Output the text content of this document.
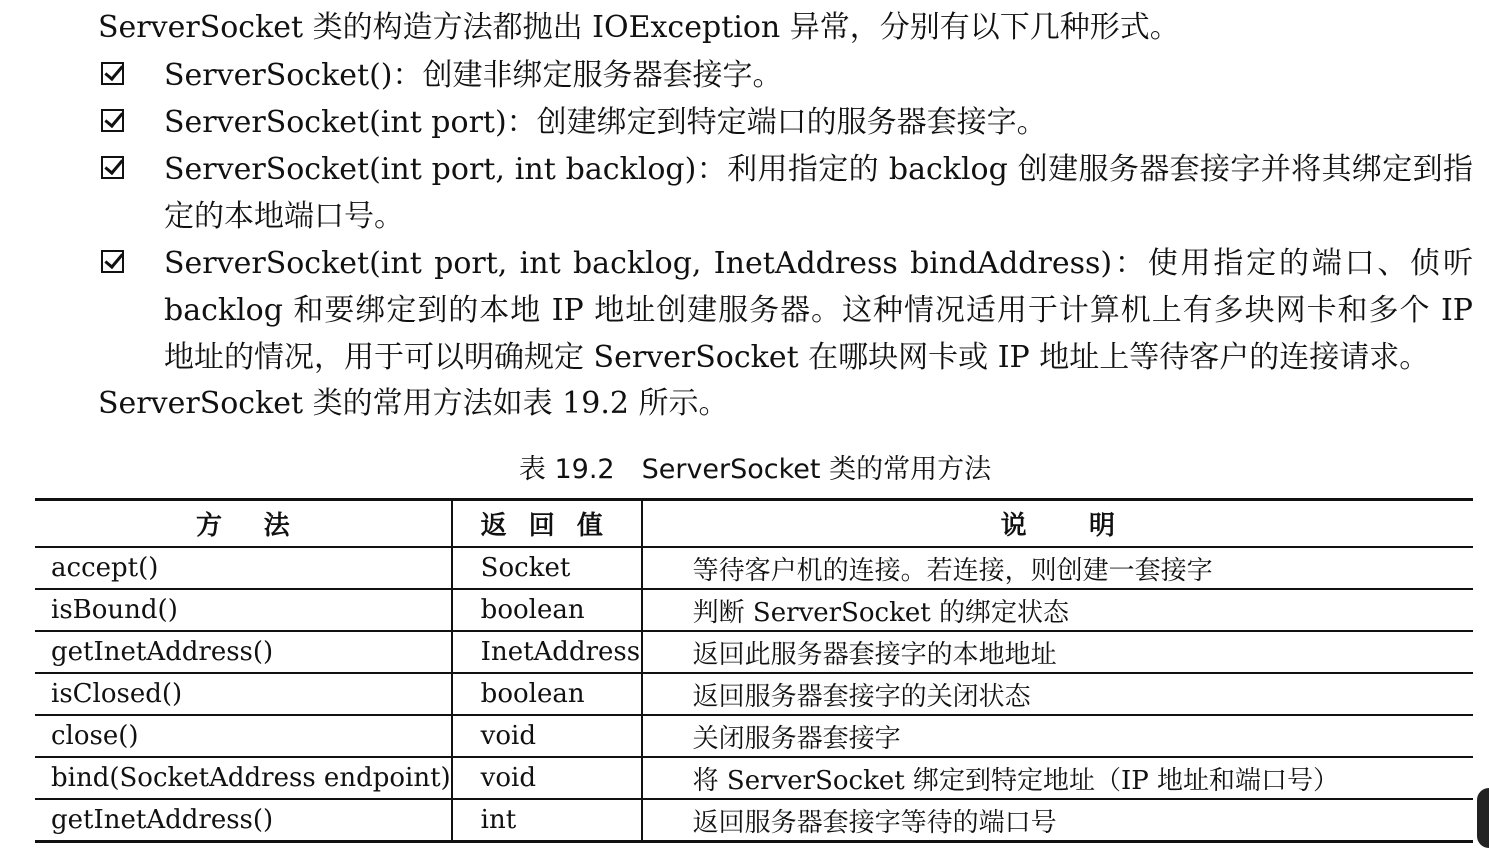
ServerSocket 类的构造方法都抛出 IOException 异常，分别有以下几种形式。
ServerSocket()：创建非绑定服务器套接字。
ServerSocket(int port)：创建绑定到特定端口的服务器套接字。
ServerSocket(int port, int backlog)：利用指定的 backlog 创建服务器套接字并将其绑定到指定的本地端口号。
ServerSocket(int port, int backlog, InetAddress bindAddress)：使用指定的端口、侦听 backlog 和要绑定到的本地 IP 地址创建服务器。这种情况适用于计算机上有多块网卡和多个 IP 地址的情况，用于可以明确规定 ServerSocket 在哪块网卡或 IP 地址上等待客户的连接请求。
ServerSocket 类的常用方法如表 19.2 所示。
表 19.2　ServerSocket 类的常用方法
方法	返回值	说明
accept()	Socket	等待客户机的连接。若连接，则创建一套接字
isBound()	boolean	判断 ServerSocket 的绑定状态
getInetAddress()	InetAddress	返回此服务器套接字的本地地址
isClosed()	boolean	返回服务器套接字的关闭状态
close()	void	关闭服务器套接字
bind(SocketAddress endpoint)	void	将 ServerSocket 绑定到特定地址（IP 地址和端口号）
getInetAddress()	int	返回服务器套接字等待的端口号
